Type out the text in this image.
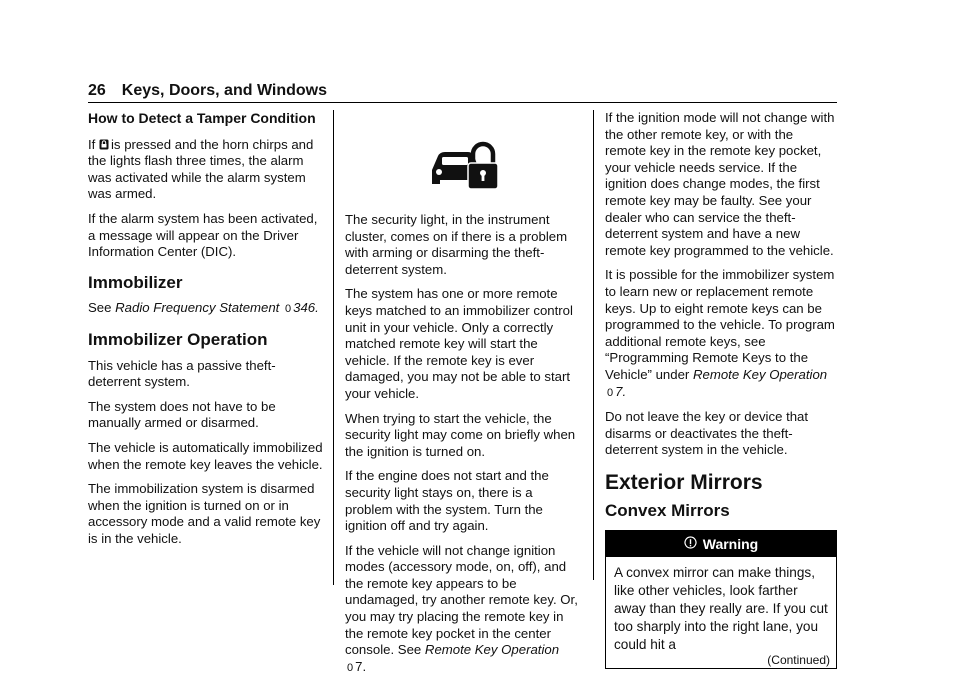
26 Keys, Doors, and Windows
How to Detect a Tamper Condition

If is pressed and the horn chirps and the lights flash three times, the alarm was activated while the alarm system was armed.

If the alarm system has been activated, a message will appear on the Driver Information Center (DIC).

Immobilizer

See Radio Frequency Statement 0 346.

Immobilizer Operation

This vehicle has a passive theft-deterrent system.

The system does not have to be manually armed or disarmed.

The vehicle is automatically immobilized when the remote key leaves the vehicle.

The immobilization system is disarmed when the ignition is turned on or in accessory mode and a valid remote key is in the vehicle.

The security light, in the instrument cluster, comes on if there is a problem with arming or disarming the theft-deterrent system.

The system has one or more remote keys matched to an immobilizer control unit in your vehicle. Only a correctly matched remote key will start the vehicle. If the remote key is ever damaged, you may not be able to start your vehicle.

When trying to start the vehicle, the security light may come on briefly when the ignition is turned on.

If the engine does not start and the security light stays on, there is a problem with the system. Turn the ignition off and try again.

If the vehicle will not change ignition modes (accessory mode, on, off), and the remote key appears to be undamaged, try another remote key. Or, you may try placing the remote key in the remote key pocket in the center console. See Remote Key Operation
0 7.

If the ignition mode will not change with the other remote key, or with the remote key in the remote key pocket, your vehicle needs service. If the ignition does change modes, the first remote key may be faulty. See your dealer who can service the theft-deterrent system and have a new remote key programmed to the vehicle.

It is possible for the immobilizer system to learn new or replacement remote keys. Up to eight remote keys can be programmed to the vehicle. To program additional remote keys, see “Programming Remote Keys to the Vehicle” under Remote Key Operation 0 7.

Do not leave the key or device that disarms or deactivates the theft-deterrent system in the vehicle.

Exterior Mirrors
Convex Mirrors
Warning
A convex mirror can make things, like other vehicles, look farther away than they really are. If you cut too sharply into the right lane, you could hit a
(Continued)
